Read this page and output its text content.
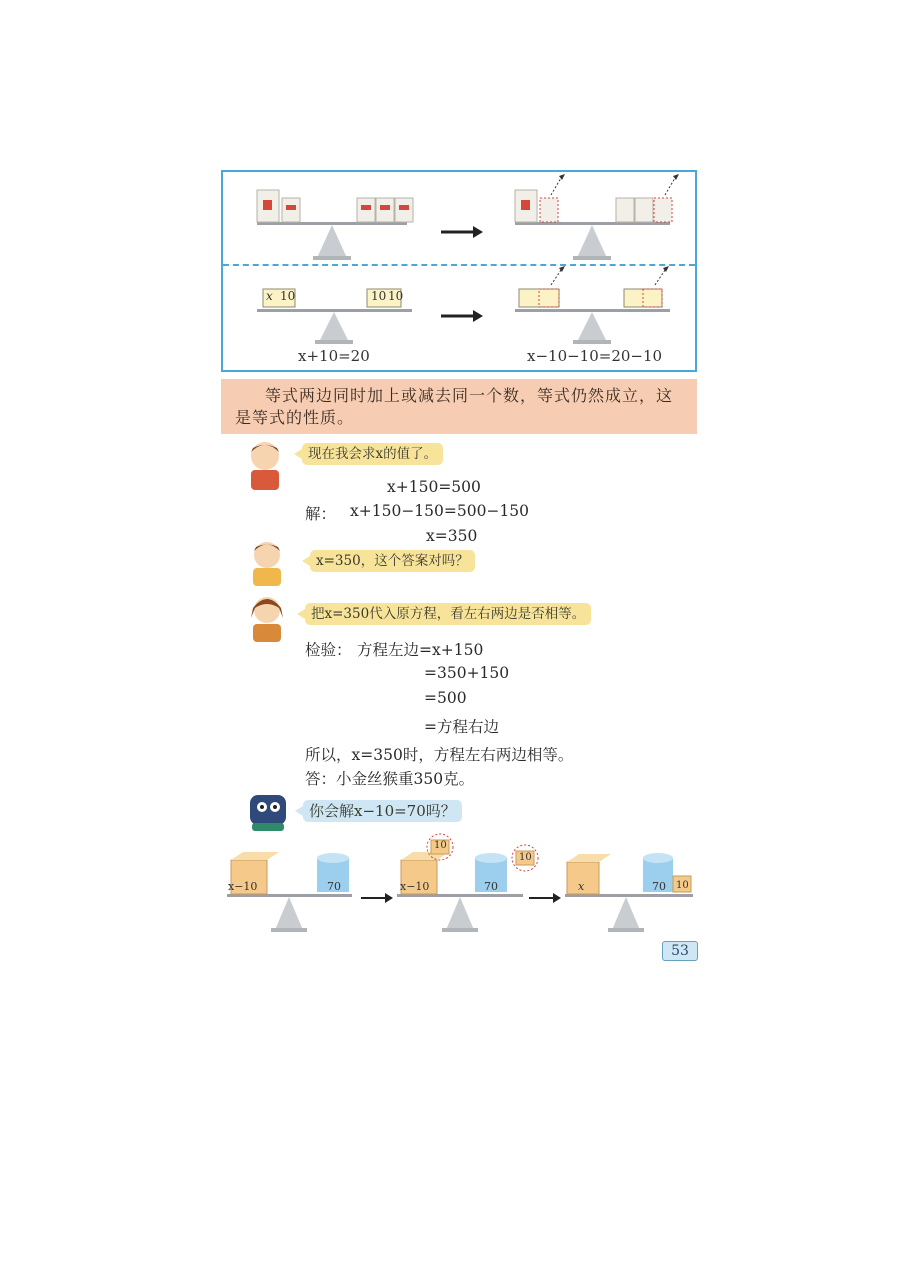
x 10	10 10
x+10=20	x−10−10=20−10
等式两边同时加上或减去同一个数，等式仍然成立，这是等式的性质。
现在我会求x的值了。
x+150=500
解： x+150−150=500−150
x=350
x=350，这个答案对吗？
把x=350代入原方程，看左右两边是否相等。
检验： 方程左边=x+150
=350+150
=500
=方程右边
所以，x=350时，方程左右两边相等。
答：小金丝猴重350克。
你会解x−10=70吗？
x−10	70	x−10
10
70
10
x	70 10
53
